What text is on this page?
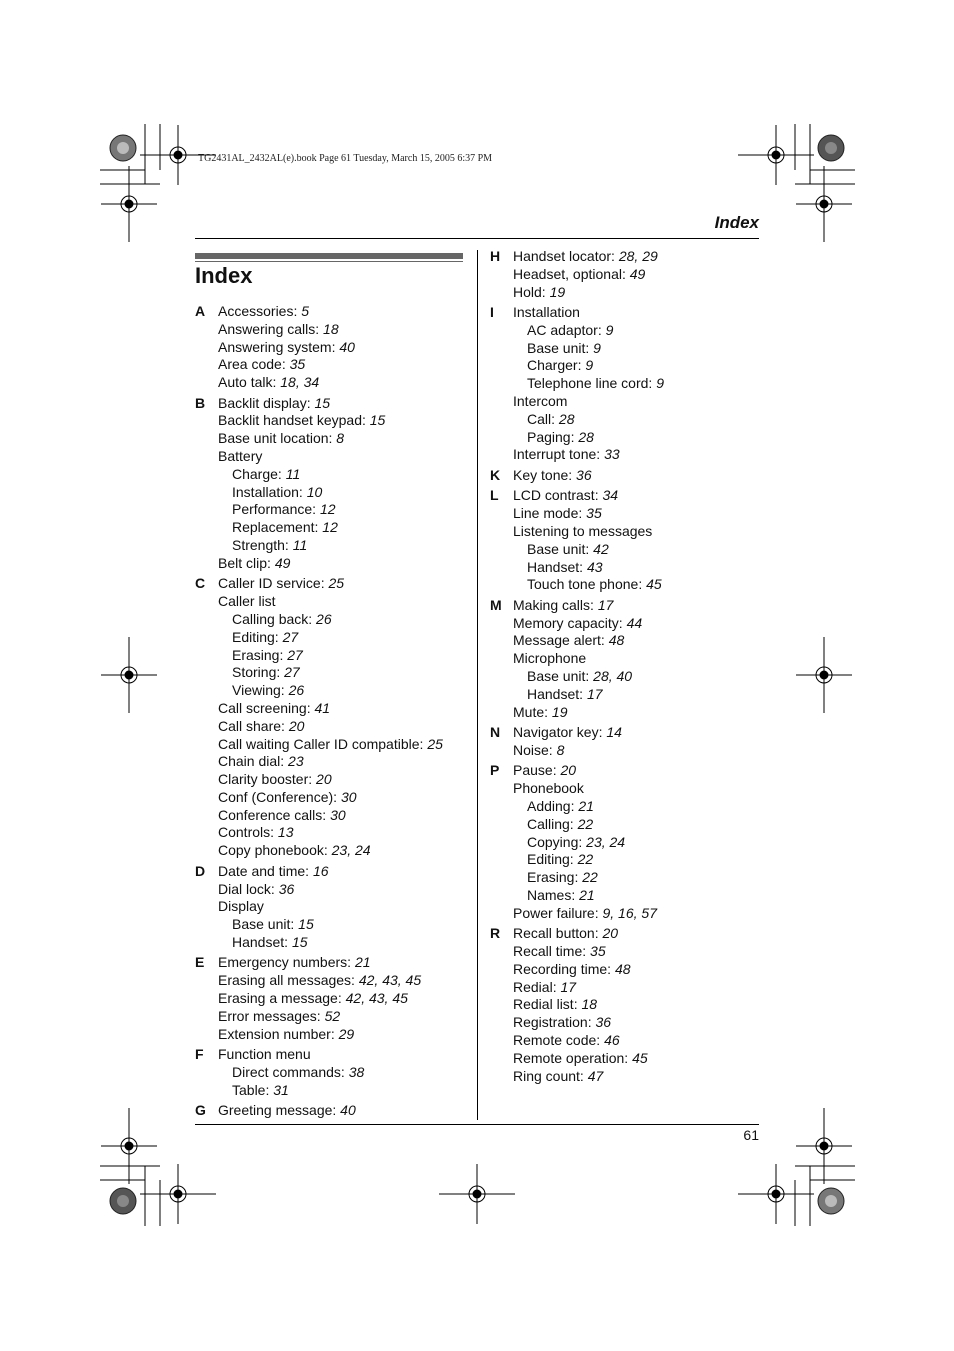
TG2431AL_2432AL(e).book Page 61 Tuesday, March 15, 2005 6:37 PM
Index
Index
A Accessories: 5
Answering calls: 18
Answering system: 40
Area code: 35
Auto talk: 18, 34
B Backlit display: 15
Backlit handset keypad: 15
Base unit location: 8
Battery
Charge: 11
Installation: 10
Performance: 12
Replacement: 12
Strength: 11
Belt clip: 49
C Caller ID service: 25
Caller list
Calling back: 26
Editing: 27
Erasing: 27
Storing: 27
Viewing: 26
Call screening: 41
Call share: 20
Call waiting Caller ID compatible: 25
Chain dial: 23
Clarity booster: 20
Conf (Conference): 30
Conference calls: 30
Controls: 13
Copy phonebook: 23, 24
D Date and time: 16
Dial lock: 36
Display
Base unit: 15
Handset: 15
E Emergency numbers: 21
Erasing all messages: 42, 43, 45
Erasing a message: 42, 43, 45
Error messages: 52
Extension number: 29
F	Function menu
Direct commands: 38
Table: 31
G Greeting message: 40
H Handset locator: 28, 29
Headset, optional: 49
Hold: 19
I	Installation
AC adaptor: 9
Base unit: 9
Charger: 9
Telephone line cord: 9
Intercom
Call: 28
Paging: 28
Interrupt tone: 33
K Key tone: 36
L	LCD contrast: 34
Line mode: 35
Listening to messages
Base unit: 42
Handset: 43
Touch tone phone: 45
M Making calls: 17
Memory capacity: 44
Message alert: 48
Microphone
Base unit: 28, 40
Handset: 17
Mute: 19
N Navigator key: 14
Noise: 8
P Pause: 20
Phonebook
Adding: 21
Calling: 22
Copying: 23, 24
Editing: 22
Erasing: 22
Names: 21
Power failure: 9, 16, 57
R Recall button: 20
Recall time: 35
Recording time: 48
Redial: 17
Redial list: 18
Registration: 36
Remote code: 46
Remote operation: 45
Ring count: 47
61
